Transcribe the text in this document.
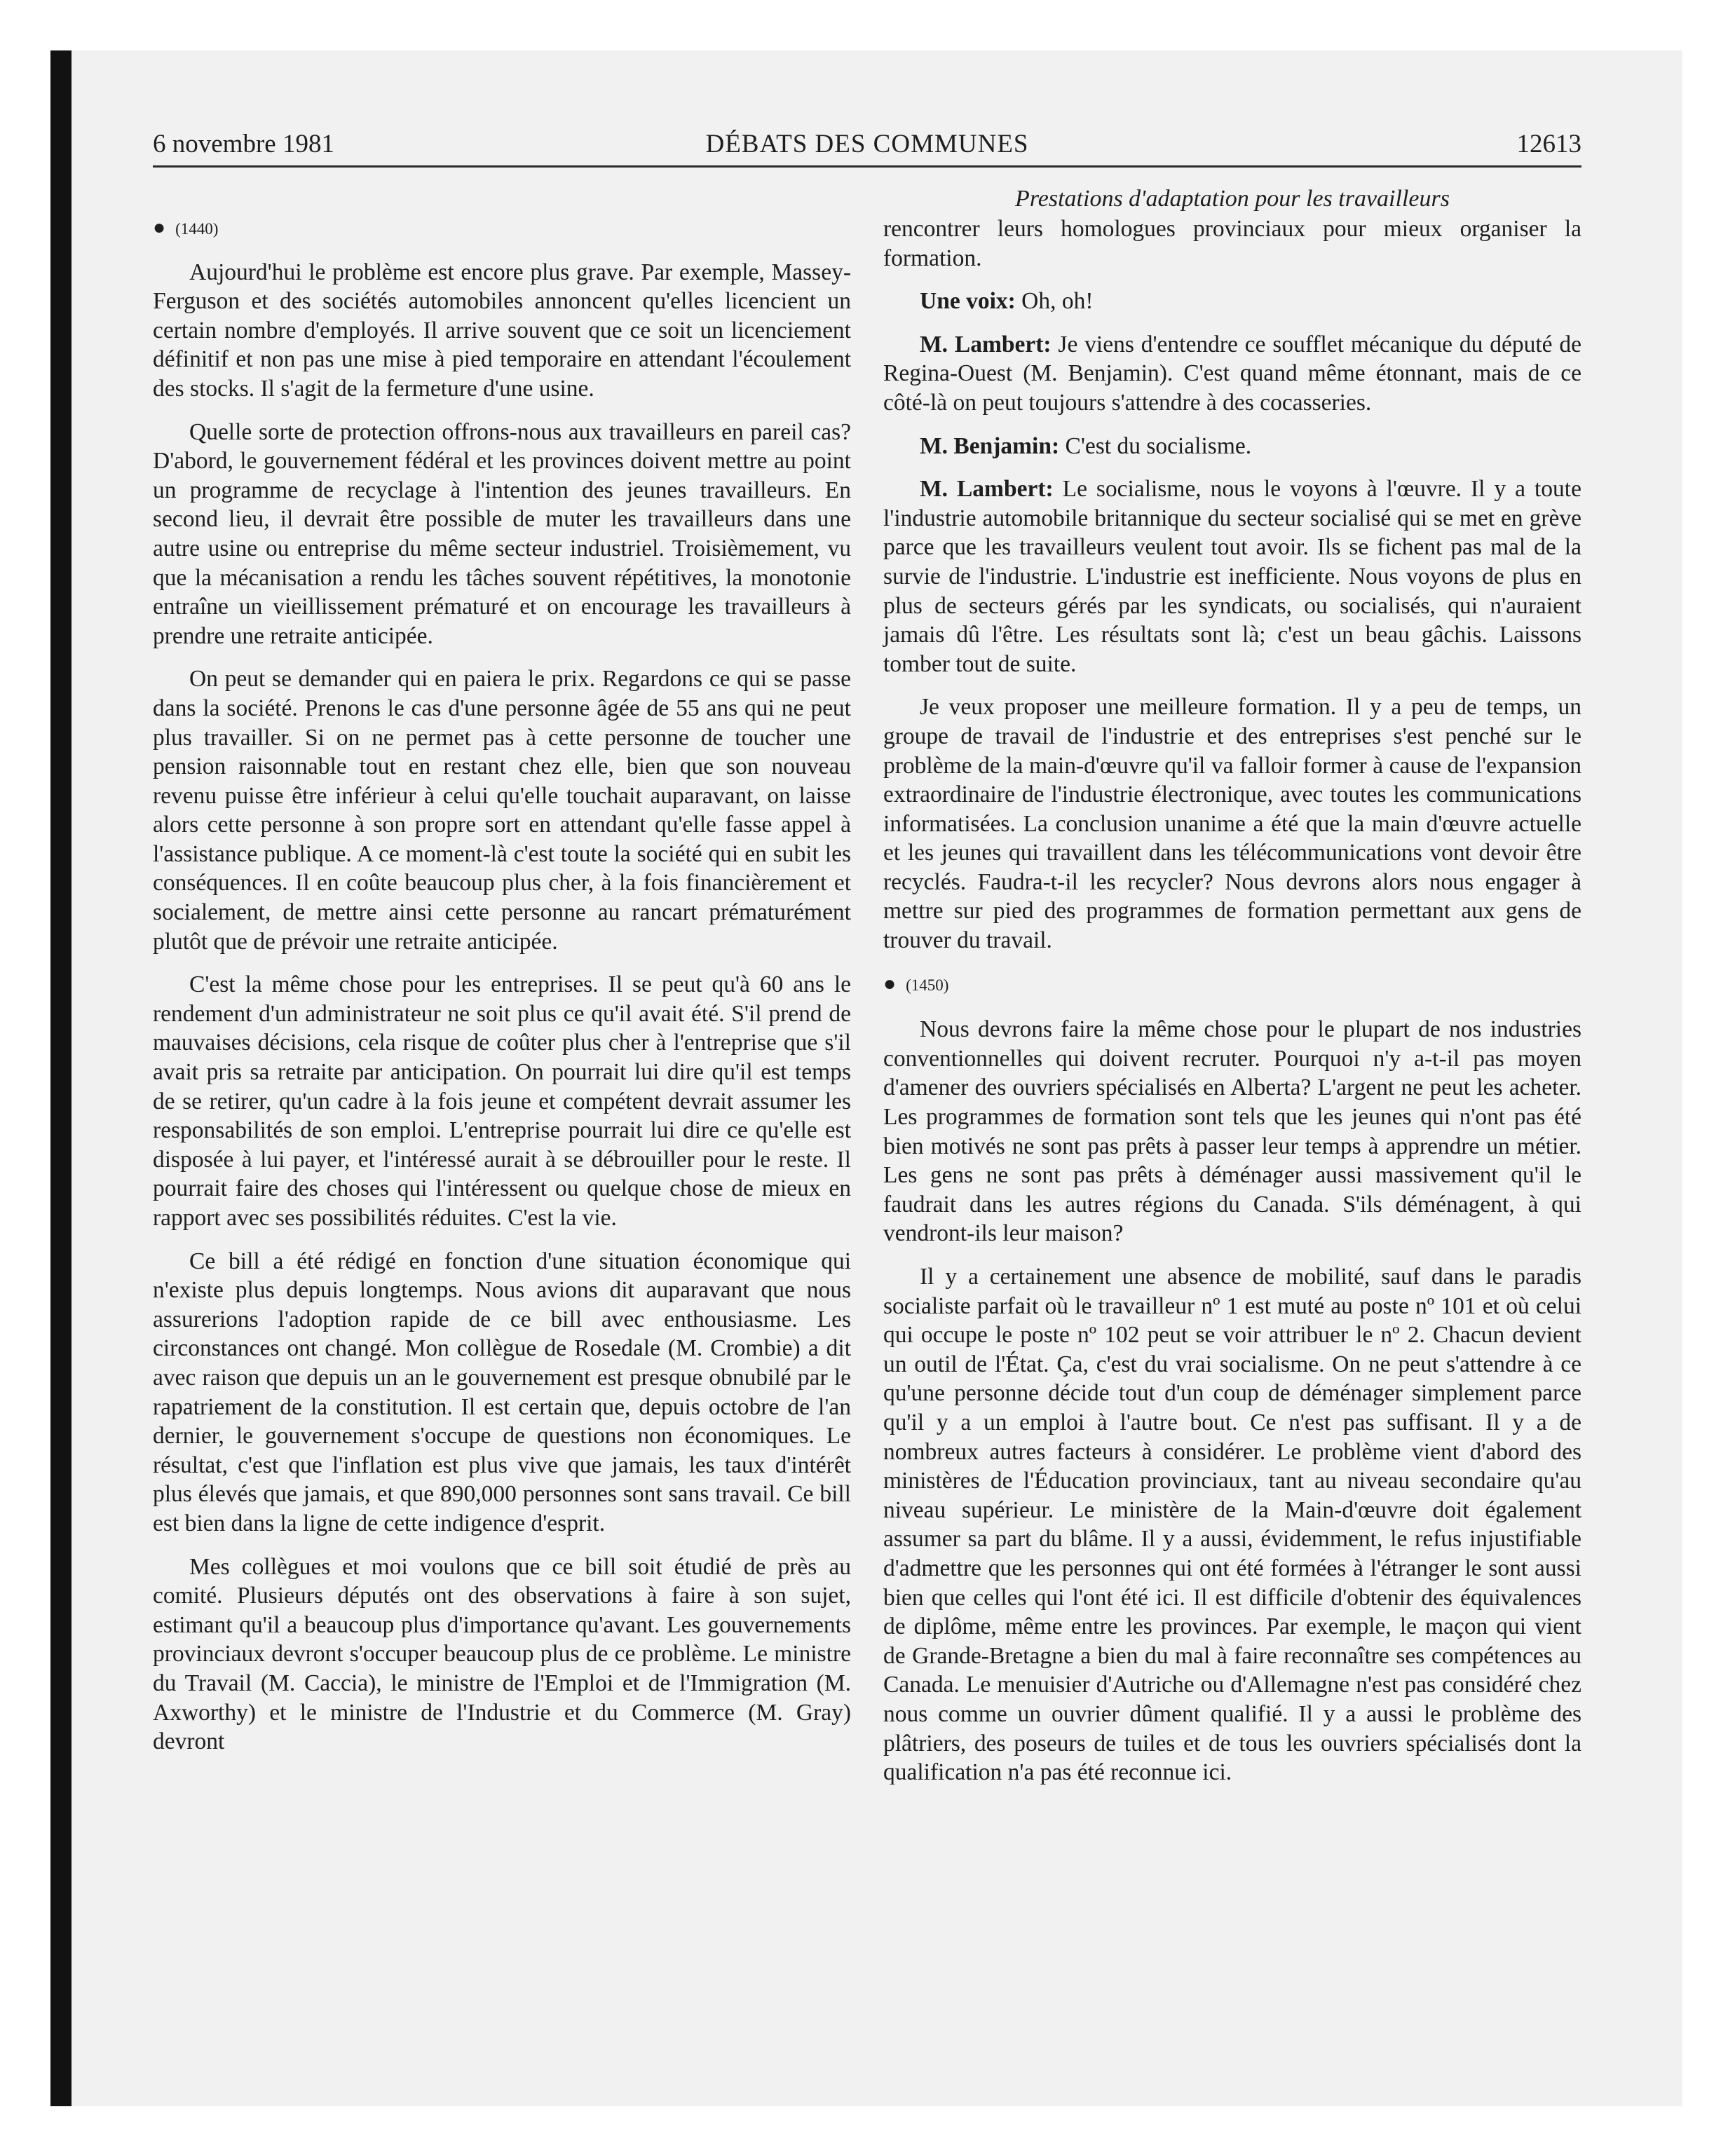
6 novembre 1981	DÉBATS DES COMMUNES	12613
● (1440)

Aujourd'hui le problème est encore plus grave. Par exemple, Massey-Ferguson et des sociétés automobiles annoncent qu'elles licencient un certain nombre d'employés. Il arrive souvent que ce soit un licenciement définitif et non pas une mise à pied temporaire en attendant l'écoulement des stocks. Il s'agit de la fermeture d'une usine.

Quelle sorte de protection offrons-nous aux travailleurs en pareil cas? D'abord, le gouvernement fédéral et les provinces doivent mettre au point un programme de recyclage à l'intention des jeunes travailleurs. En second lieu, il devrait être possible de muter les travailleurs dans une autre usine ou entreprise du même secteur industriel. Troisièmement, vu que la mécanisation a rendu les tâches souvent répétitives, la monotonie entraîne un vieillissement prématuré et on encourage les travailleurs à prendre une retraite anticipée.

On peut se demander qui en paiera le prix. Regardons ce qui se passe dans la société. Prenons le cas d'une personne âgée de 55 ans qui ne peut plus travailler. Si on ne permet pas à cette personne de toucher une pension raisonnable tout en restant chez elle, bien que son nouveau revenu puisse être inférieur à celui qu'elle touchait auparavant, on laisse alors cette personne à son propre sort en attendant qu'elle fasse appel à l'assistance publique. A ce moment-là c'est toute la société qui en subit les conséquences. Il en coûte beaucoup plus cher, à la fois financièrement et socialement, de mettre ainsi cette personne au rancart prématurément plutôt que de prévoir une retraite anticipée.

C'est la même chose pour les entreprises. Il se peut qu'à 60 ans le rendement d'un administrateur ne soit plus ce qu'il avait été. S'il prend de mauvaises décisions, cela risque de coûter plus cher à l'entreprise que s'il avait pris sa retraite par anticipation. On pourrait lui dire qu'il est temps de se retirer, qu'un cadre à la fois jeune et compétent devrait assumer les responsabilités de son emploi. L'entreprise pourrait lui dire ce qu'elle est disposée à lui payer, et l'intéressé aurait à se débrouiller pour le reste. Il pourrait faire des choses qui l'intéressent ou quelque chose de mieux en rapport avec ses possibilités réduites. C'est la vie.

Ce bill a été rédigé en fonction d'une situation économique qui n'existe plus depuis longtemps. Nous avions dit auparavant que nous assurerions l'adoption rapide de ce bill avec enthousiasme. Les circonstances ont changé. Mon collègue de Rosedale (M. Crombie) a dit avec raison que depuis un an le gouvernement est presque obnubilé par le rapatriement de la constitution. Il est certain que, depuis octobre de l'an dernier, le gouvernement s'occupe de questions non économiques. Le résultat, c'est que l'inflation est plus vive que jamais, les taux d'intérêt plus élevés que jamais, et que 890,000 personnes sont sans travail. Ce bill est bien dans la ligne de cette indigence d'esprit.

Mes collègues et moi voulons que ce bill soit étudié de près au comité. Plusieurs députés ont des observations à faire à son sujet, estimant qu'il a beaucoup plus d'importance qu'avant. Les gouvernements provinciaux devront s'occuper beaucoup plus de ce problème. Le ministre du Travail (M. Caccia), le ministre de l'Emploi et de l'Immigration (M. Axworthy) et le ministre de l'Industrie et du Commerce (M. Gray) devront

Prestations d'adaptation pour les travailleurs

rencontrer leurs homologues provinciaux pour mieux organiser la formation.

Une voix: Oh, oh!

M. Lambert: Je viens d'entendre ce soufflet mécanique du député de Regina-Ouest (M. Benjamin). C'est quand même étonnant, mais de ce côté-là on peut toujours s'attendre à des cocasseries.

M. Benjamin: C'est du socialisme.

M. Lambert: Le socialisme, nous le voyons à l'œuvre. Il y a toute l'industrie automobile britannique du secteur socialisé qui se met en grève parce que les travailleurs veulent tout avoir. Ils se fichent pas mal de la survie de l'industrie. L'industrie est inefficiente. Nous voyons de plus en plus de secteurs gérés par les syndicats, ou socialisés, qui n'auraient jamais dû l'être. Les résultats sont là; c'est un beau gâchis. Laissons tomber tout de suite.

Je veux proposer une meilleure formation. Il y a peu de temps, un groupe de travail de l'industrie et des entreprises s'est penché sur le problème de la main-d'œuvre qu'il va falloir former à cause de l'expansion extraordinaire de l'industrie électronique, avec toutes les communications informatisées. La conclusion unanime a été que la main d'œuvre actuelle et les jeunes qui travaillent dans les télécommunications vont devoir être recyclés. Faudra-t-il les recycler? Nous devrons alors nous engager à mettre sur pied des programmes de formation permettant aux gens de trouver du travail.

● (1450)

Nous devrons faire la même chose pour le plupart de nos industries conventionnelles qui doivent recruter. Pourquoi n'y a-t-il pas moyen d'amener des ouvriers spécialisés en Alberta? L'argent ne peut les acheter. Les programmes de formation sont tels que les jeunes qui n'ont pas été bien motivés ne sont pas prêts à passer leur temps à apprendre un métier. Les gens ne sont pas prêts à déménager aussi massivement qu'il le faudrait dans les autres régions du Canada. S'ils déménagent, à qui vendront-ils leur maison?

Il y a certainement une absence de mobilité, sauf dans le paradis socialiste parfait où le travailleur nº 1 est muté au poste nº 101 et où celui qui occupe le poste nº 102 peut se voir attribuer le nº 2. Chacun devient un outil de l'État. Ça, c'est du vrai socialisme. On ne peut s'attendre à ce qu'une personne décide tout d'un coup de déménager simplement parce qu'il y a un emploi à l'autre bout. Ce n'est pas suffisant. Il y a de nombreux autres facteurs à considérer. Le problème vient d'abord des ministères de l'Éducation provinciaux, tant au niveau secondaire qu'au niveau supérieur. Le ministère de la Main-d'œuvre doit également assumer sa part du blâme. Il y a aussi, évidemment, le refus injustifiable d'admettre que les personnes qui ont été formées à l'étranger le sont aussi bien que celles qui l'ont été ici. Il est difficile d'obtenir des équivalences de diplôme, même entre les provinces. Par exemple, le maçon qui vient de Grande-Bretagne a bien du mal à faire reconnaître ses compétences au Canada. Le menuisier d'Autriche ou d'Allemagne n'est pas considéré chez nous comme un ouvrier dûment qualifié. Il y a aussi le problème des plâtriers, des poseurs de tuiles et de tous les ouvriers spécialisés dont la qualification n'a pas été reconnue ici.
